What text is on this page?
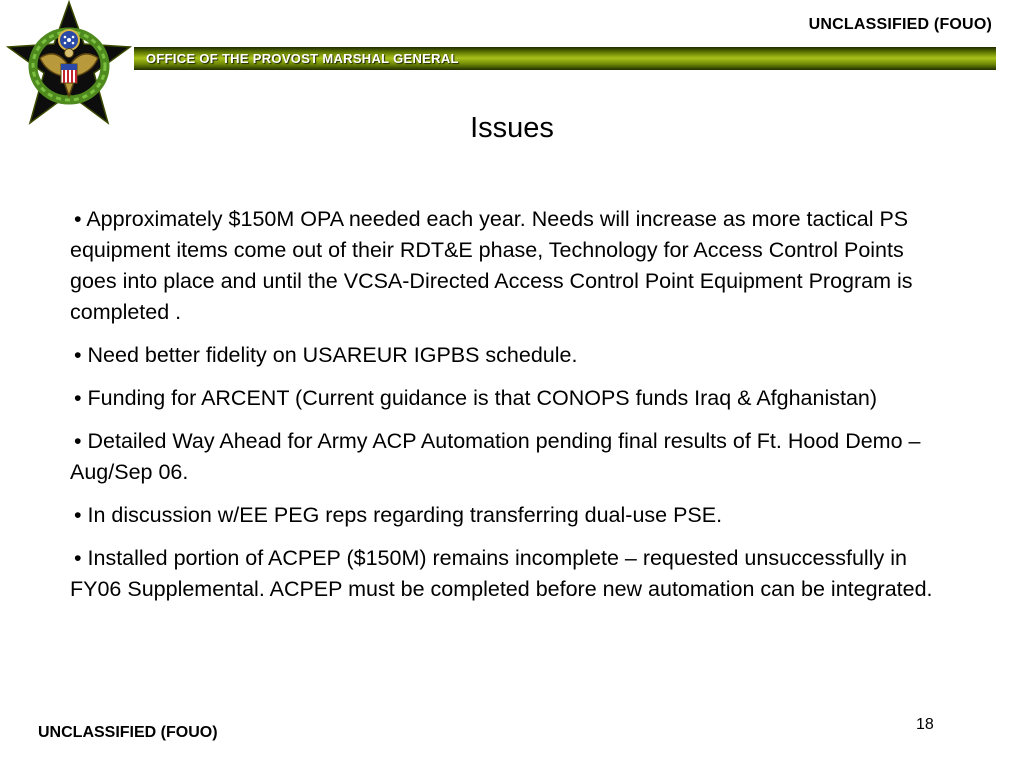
OFFICE OF THE PROVOST MARSHAL GENERAL
UNCLASSIFIED (FOUO)
Issues

• Approximately $150M OPA needed each year. Needs will increase as more tactical PS equipment items come out of their RDT&E phase, Technology for Access Control Points goes into place and until the VCSA-Directed Access Control Point Equipment Program is completed .

• Need better fidelity on USAREUR IGPBS schedule.

• Funding for ARCENT (Current guidance is that CONOPS funds Iraq & Afghanistan)

• Detailed Way Ahead for Army ACP Automation pending final results of Ft. Hood Demo – Aug/Sep 06.

• In discussion w/EE PEG reps regarding transferring dual-use PSE.

• Installed portion of ACPEP ($150M) remains incomplete – requested unsuccessfully in FY06 Supplemental. ACPEP must be completed before new automation can be integrated.

18
UNCLASSIFIED (FOUO)
